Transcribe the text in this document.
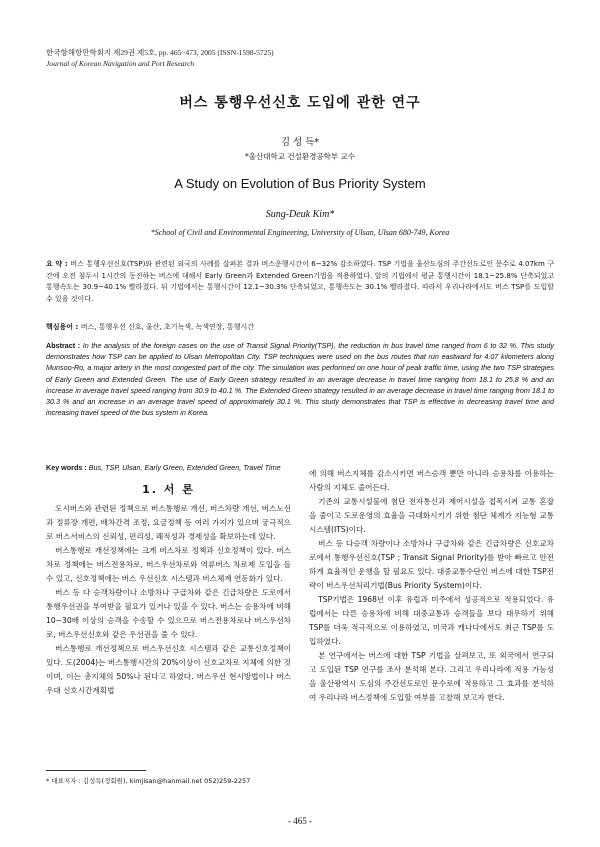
한국항해항만학회지 제29권 제5호, pp. 465~473, 2005 (ISSN-1598-5725)
Journal of Korean Navigation and Port Research
버스 통행우선신호 도입에 관한 연구
김 성 득*
*울산대학교 건설환경공학부 교수
A Study on Evolution of Bus Priority System
Sung-Deuk Kim*
*School of Civil and Environmental Engineering, University of Ulsan, Ulsan 680-749, Korea
요 약 : 버스 통행우선신호(TSP)와 관련된 외국의 사례를 살펴본 결과 버스운행시간이 6~32% 감소하였다. TSP 기법을 울산도심의 주간선도로인 문수로 4.07km 구간에 오전 첨두시 1시간의 동진하는 버스에 대해서 Early Green과 Extended Green기법을 적용하였다. 앞의 기법에서 평균 통행시간이 18.1~25.8% 단축되었고 통행속도는 30.9~40.1% 빨라졌다. 뒤 기법에서는 통행시간이 12.1~30.3% 단축되었고, 통행속도는 30.1% 빨라졌다. 따라서 우리나라에서도 버스 TSP를 도입할 수 있을 것이다.
핵심용어 : 버스, 통행우선 신호, 울산, 초기녹색, 녹색연장, 통행시간
Abstract : In the analysis of the foreign cases on the use of Transit Signal Priority(TSP), the reduction in bus travel time ranged from 6 to 32 %. This study demonstrates how TSP can be applied to Ulsan Metropolitan City. TSP techniques were used on the bus routes that run eastward for 4.07 kilometers along Munsoo-Ro, a major artery in the most congested part of the city. The simulation was performed on one hour of peak traffic time, using the two TSP strategies of Early Green and Extended Green. The use of Early Green strategy resulted in an average decrease in travel time ranging from 18.1 to 25.8 % and an increase in average travel speed ranging from 30.9 to 40.1 %. The Extended Green strategy resulted in an average decrease in travel time ranging from 18.1 to 30.3 % and an increase in an average travel speed of approximately 30.1 %. This study demonstrates that TSP is effective in decreasing travel time and increasing travel speed of the bus system in Korea.
Key words : Bus, TSP, Ulsan, Early Green, Extended Green, Travel Time
1. 서 론

도시버스와 관련된 정책으로 버스통행로 개선, 버스차량 개선, 버스노선과 정류장 개편, 배차간격 조정, 요금정책 등 여러 가지가 있으며 궁극적으로 버스서비스의 신뢰성, 편리성, 쾌적성과 경제성을 확보하는데 있다.

버스통행로 개선정책에는 크게 버스차로 정책과 신호정책이 있다. 버스차로 정책에는 버스전용차로, 버스우선차로와 역류버스 차로제 도입을 들 수 있고, 신호정책에는 버스 우선신호 시스템과 버스체계 연동화가 있다.

버스 등 다 승객차량이나 소방차나 구급차와 같은 긴급차량은 도로에서 통행우선권을 부여받을 필요가 있거나 있을 수 있다. 버스는 승용차에 비해 10~30배 이상의 승객을 수송할 수 있으므로 버스전용차로나 버스우선차로, 버스우선신호와 같은 우선권을 줄 수 있다.

버스통행로 개선정책으로 버스우선신호 시스템과 같은 교통신호정책이 있다. 도(2004)는 버스통행시간의 20%이상이 신호교차로 지체에 의한 것이며, 이는 총지체의 50%나 된다고 하였다. 버스우선 현시방법이나 버스우대 신호시간계획법

에 의해 버스지체를 감소시키면 버스승객 뿐만 아니라 승용차를 이용하는 사람의 지체도 줄어든다.

기존의 교통시설물에 첨단 전자통신과 제어시설을 접목시켜 교통 혼잡을 줄이고 도로운영의 효율을 극대화시키기 위한 첨단 체계가 지능형 교통시스템(ITS)이다.

버스 등 다승객 차량이나 소방차나 구급차와 같은 긴급차량은 신호교차로에서 통행우선신호(TSP ; Transit Signal Priority)를 받아 빠르고 안전하게 효율적인 운행을 할 필요도 있다. 대중교통수단인 버스에 대한 TSP전략이 버스우선처리기법(Bus Priority System)이다.

TSP기법은 1968년 이후 유럽과 미주에서 성공적으로 적용되었다. 유럽에서는 다른 승용차에 비해 대중교통과 승객들을 보다 대우하기 위해 TSP를 더욱 적극적으로 이용하였고, 미국과 캐나다에서도 최근 TSP를 도입하였다.

본 연구에서는 버스에 대한 TSP 기법을 살펴보고, 또 외국에서 연구되고 도입된 TSP 연구를 조사 분석해 본다. 그리고 우리나라에 적용 가능성을 울산광역시 도심의 주간선도로인 문수로에 적용하고 그 효과를 분석하여 우리나라 버스정책에 도입할 여부를 고찰해 보고자 한다.

* 대표저자 : 김성득(정회원), kimjisan@hanmail.net 052)259-2257
- 465 -
